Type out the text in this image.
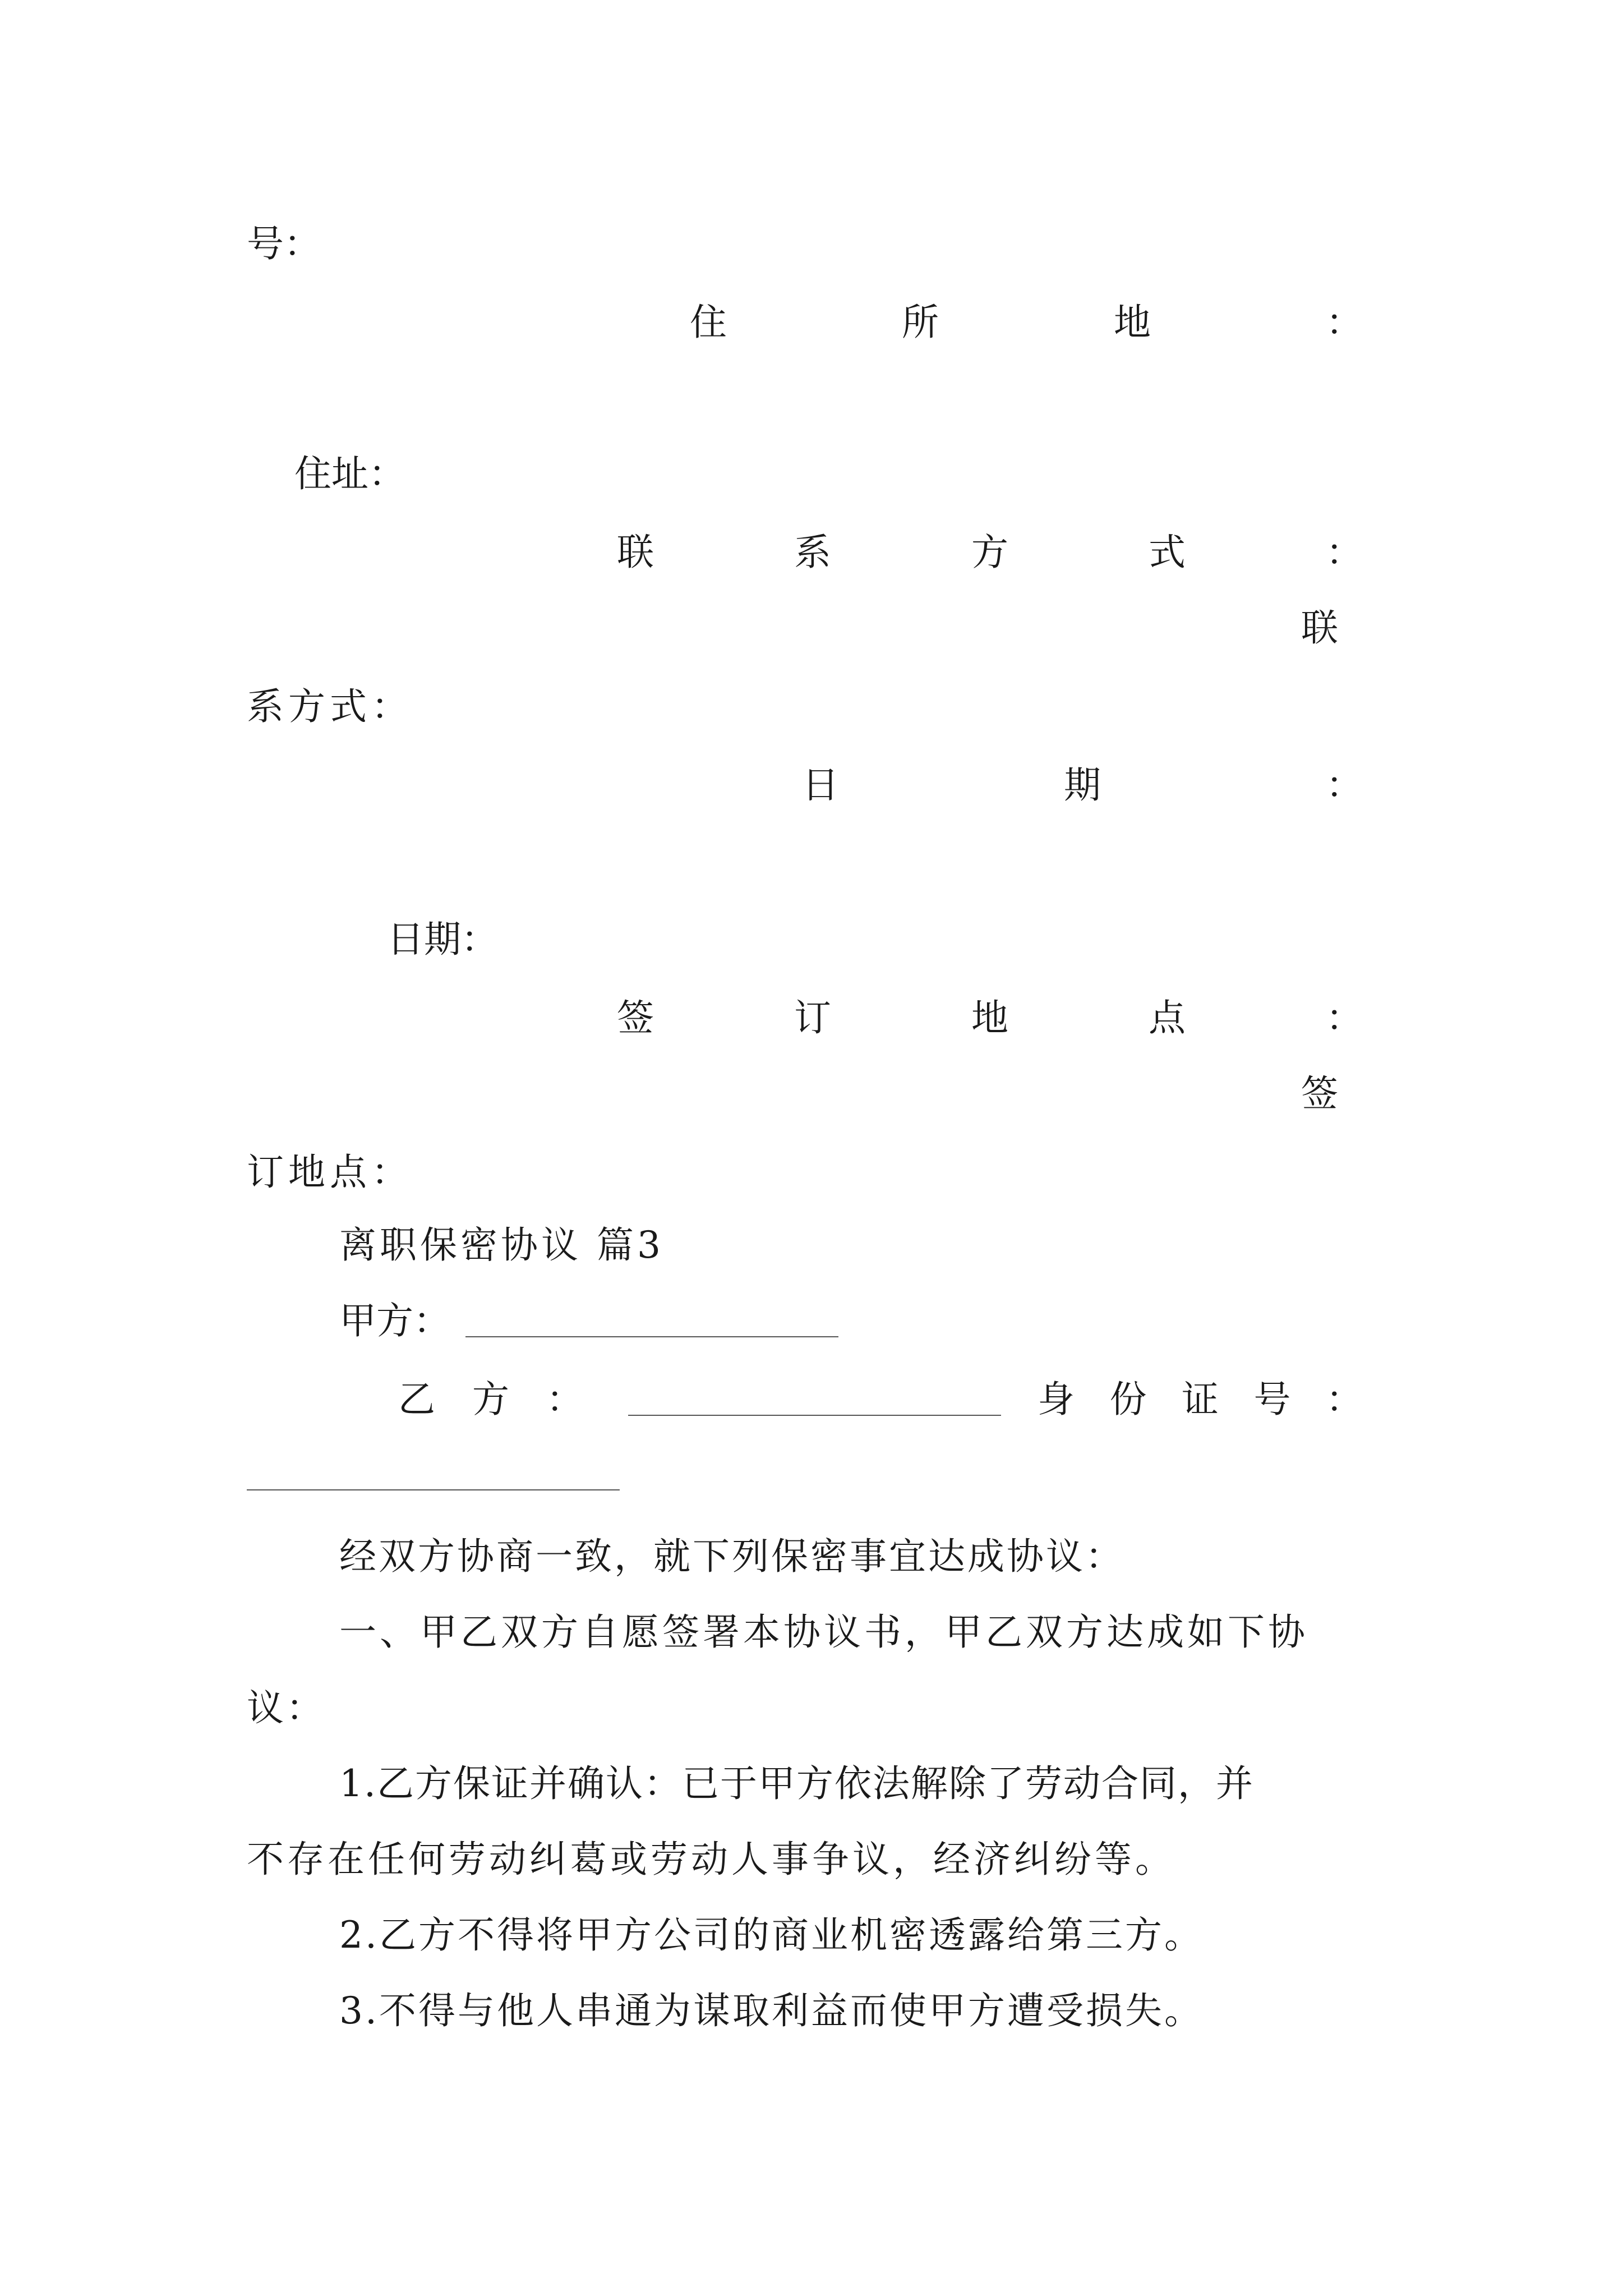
号：
住	所	地	：
住址：
联	系	方	式	：
联
系方式：
日	期	：
日期：
签	订	地	点	：
签
订地点：
离职保密协议 篇3
甲方：
乙 方 ：	身 份 证 号 ：
经双方协商一致，就下列保密事宜达成协议：
一、甲乙双方自愿签署本协议书，甲乙双方达成如下协
议：
1.乙方保证并确认：已于甲方依法解除了劳动合同，并
不存在任何劳动纠葛或劳动人事争议，经济纠纷等。
2.乙方不得将甲方公司的商业机密透露给第三方。
3.不得与他人串通为谋取利益而使甲方遭受损失。
